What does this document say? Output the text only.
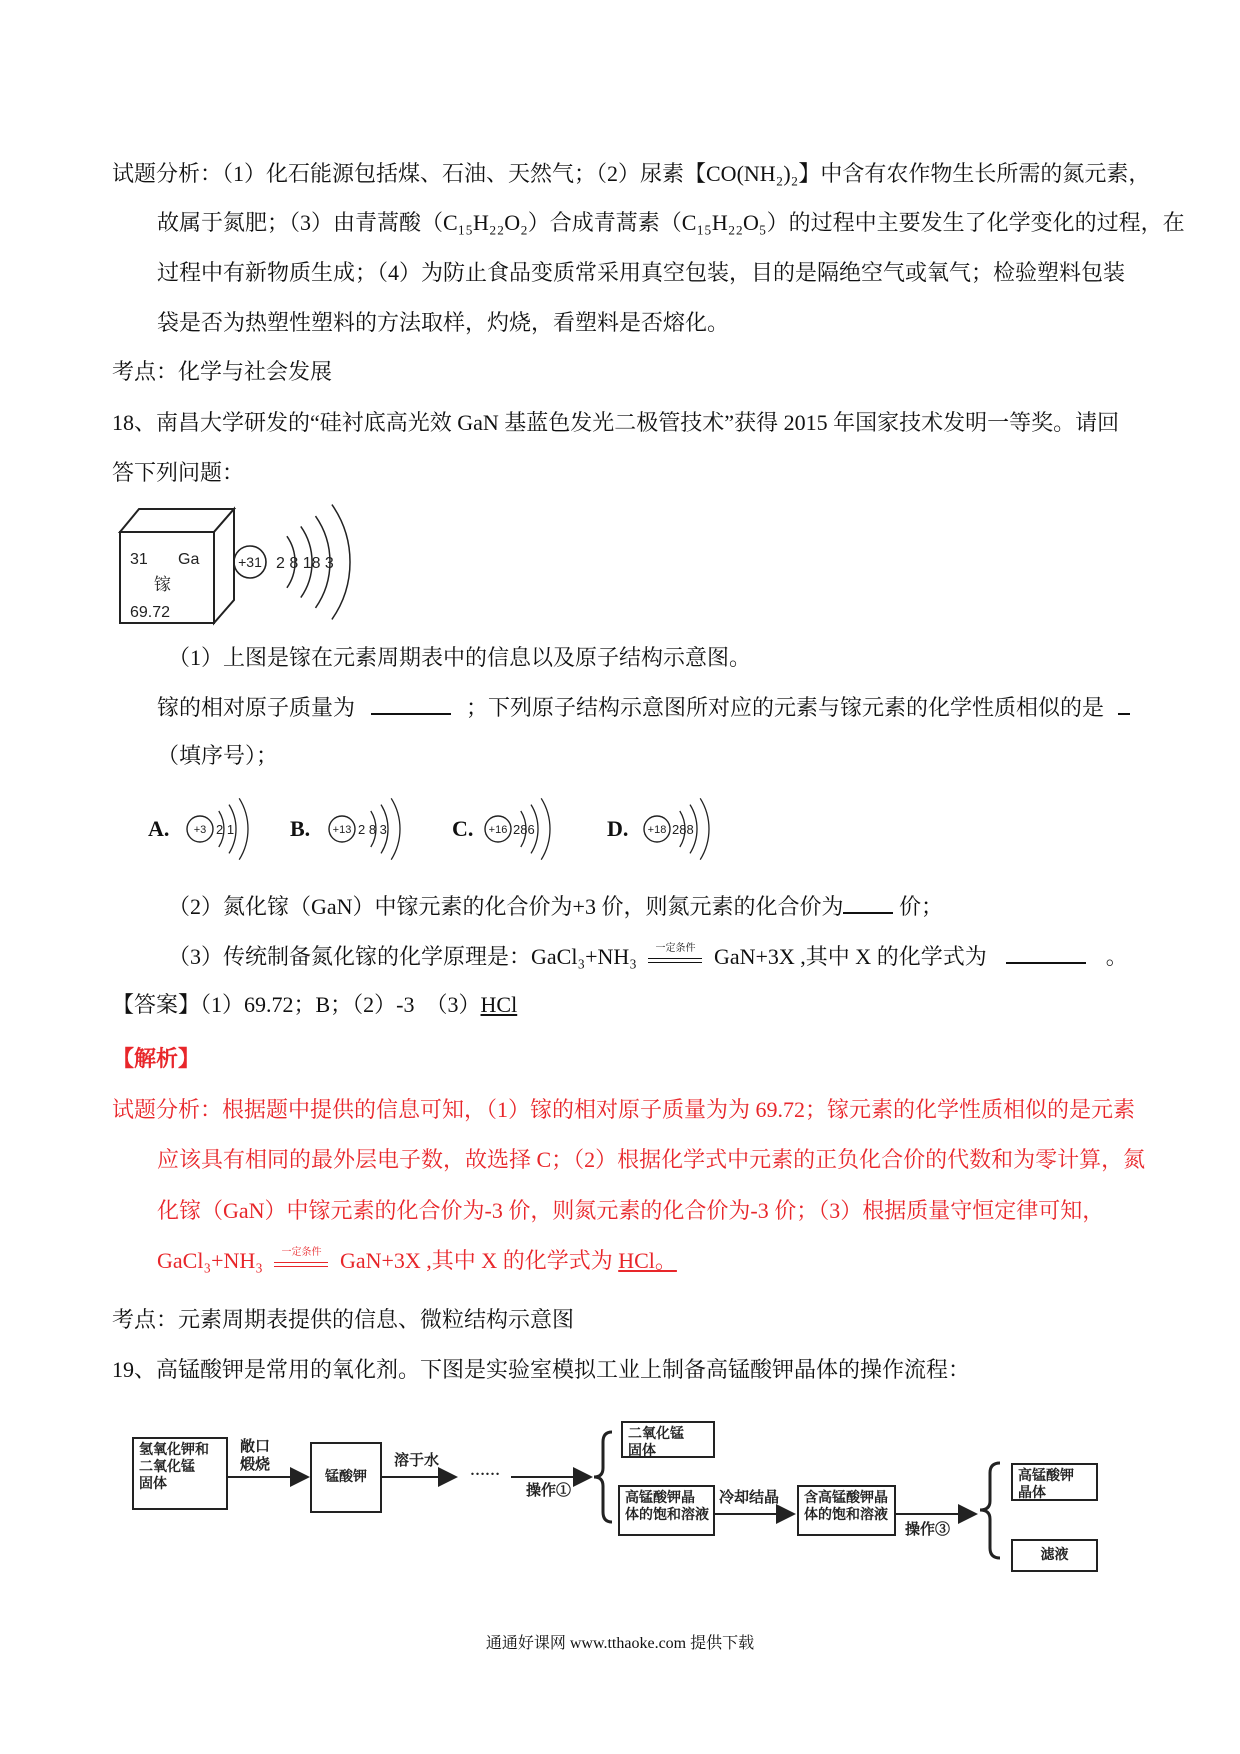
试题分析：（1）化石能源包括煤、石油、天然气；（2）尿素【CO(NH₂)₂】中含有农作物生长所需的氮元素，
故属于氮肥；（3）由青蒿酸（C₁₅H₂₂O₂）合成青蒿素（C₁₅H₂₂O₅）的过程中主要发生了化学变化的过程，在
过程中有新物质生成；（4）为防止食品变质常采用真空包装，目的是隔绝空气或氧气；检验塑料包装
袋是否为热塑性塑料的方法取样，灼烧，看塑料是否熔化。
考点：化学与社会发展
18、南昌大学研发的“硅衬底高光效 GaN 基蓝色发光二极管技术”获得 2015 年国家技术发明一等奖。请回
答下列问题：
31 Ga
镓
69.72
+31 2 8 18 3
（1）上图是镓在元素周期表中的信息以及原子结构示意图。
镓的相对原子质量为	；下列原子结构示意图所对应的元素与镓元素的化学性质相似的是
（填序号）；
A. +3 2 1	B. +13 2 8 3	C. +16 286	D. +18 288
（2）氮化镓（GaN）中镓元素的化合价为+3 价，则氮元素的化合价为 价；
（3）传统制备氮化镓的化学原理是：GaCl₃+NH₃	一定条件 GaN+3X ,其中 X 的化学式为	。
【答案】（1）69.72；B；（2）-3　（3）HCl
【解析】
试题分析：根据题中提供的信息可知，（1）镓的相对原子质量为为 69.72；镓元素的化学性质相似的是元素
应该具有相同的最外层电子数，故选择 C；（2）根据化学式中元素的正负化合价的代数和为零计算，氮
化镓（GaN）中镓元素的化合价为-3 价，则氮元素的化合价为-3 价；（3）根据质量守恒定律可知，
GaCl₃+NH₃	一定条件 GaN+3X ,其中 X 的化学式为 HCl。
考点：元素周期表提供的信息、微粒结构示意图
19、高锰酸钾是常用的氧化剂。下图是实验室模拟工业上制备高锰酸钾晶体的操作流程：
氢氧化钾和
二氧化锰
固体
敞口
煅烧
锰酸钾
溶于水
……
操作①
二氧化锰
固体
高锰酸钾晶
体的饱和溶液
冷却结晶 含高锰酸钾晶
体的饱和溶液
操作③
高锰酸钾
晶体
滤液
通通好课网 www.tthaoke.com 提供下载
